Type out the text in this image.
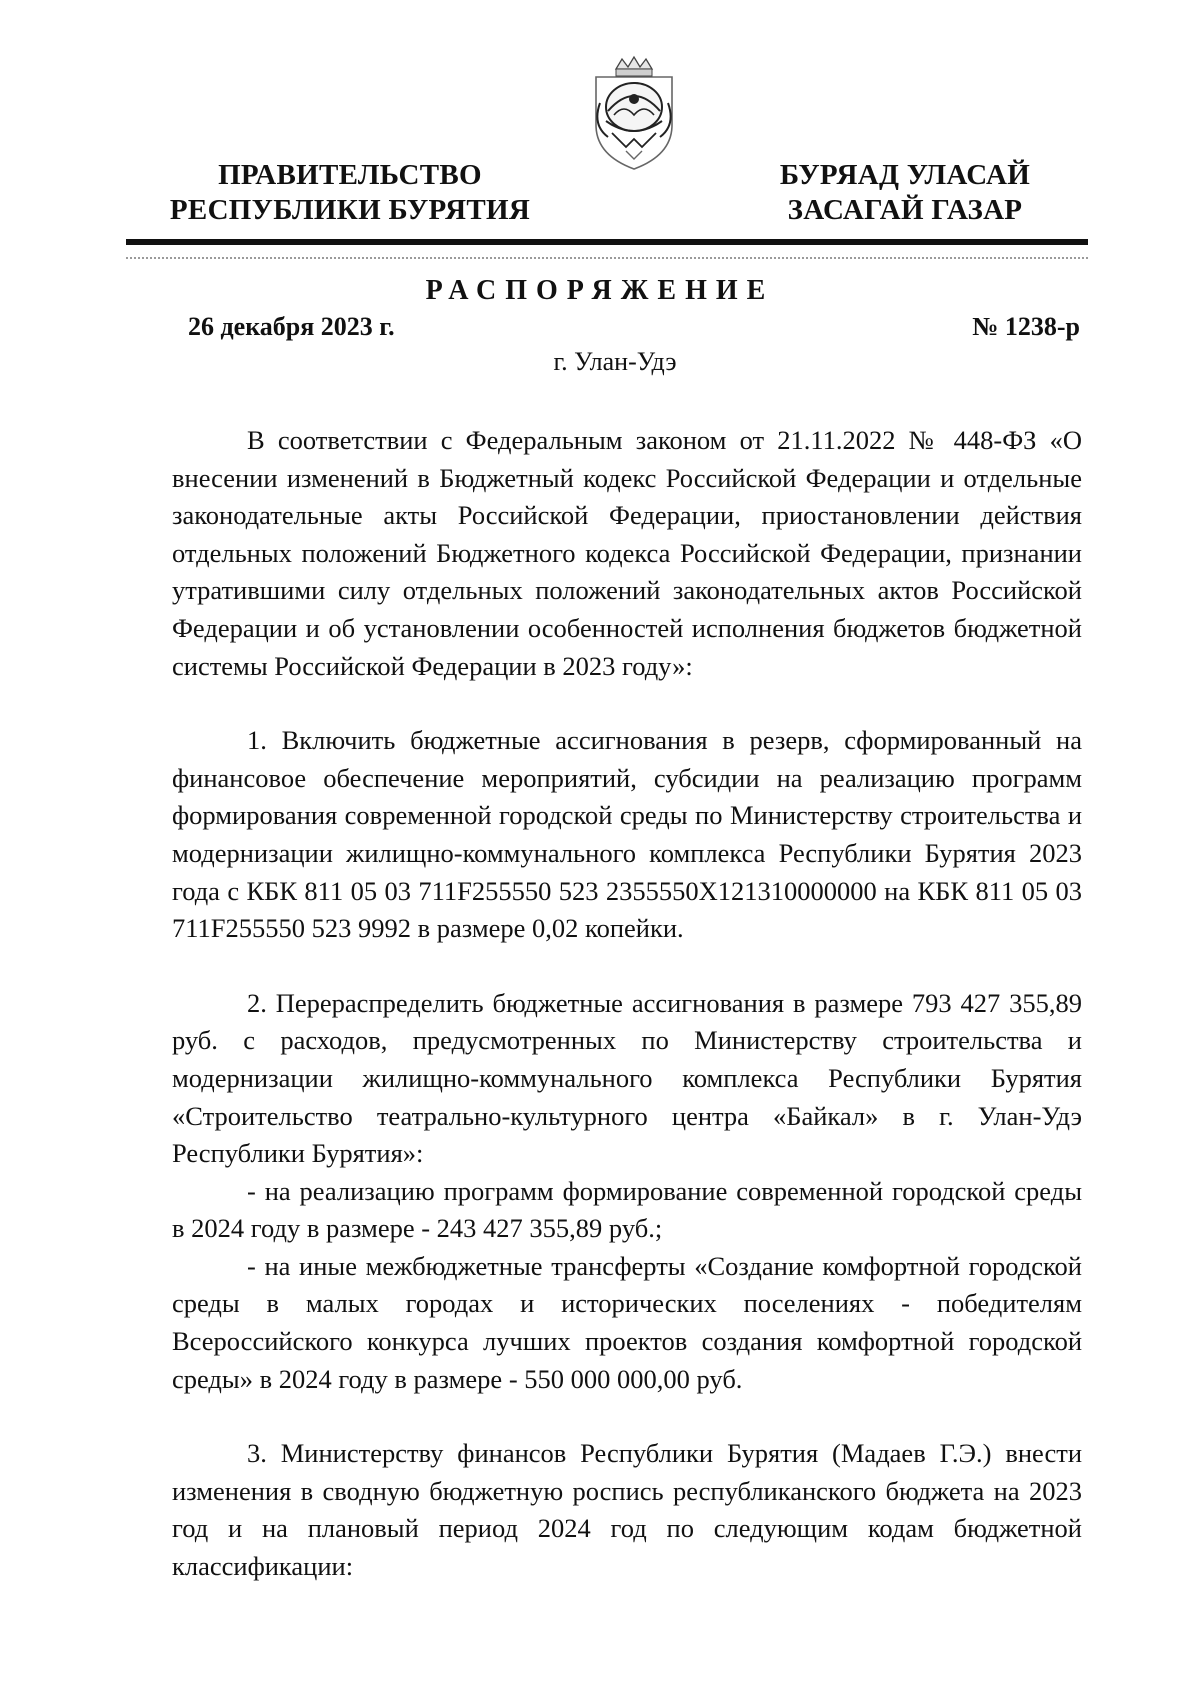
ПРАВИТЕЛЬСТВО
РЕСПУБЛИКИ БУРЯТИЯ
БУРЯАД УЛАСАЙ
ЗАСАГАЙ ГАЗАР
РАСПОРЯЖЕНИЕ
26 декабря 2023 г.	№ 1238-р
г. Улан-Удэ

В соответствии с Федеральным законом от 21.11.2022 № 448-ФЗ «О внесении изменений в Бюджетный кодекс Российской Федерации и отдельные законодательные акты Российской Федерации, приостановлении действия отдельных положений Бюджетного кодекса Российской Федерации, признании утратившими силу отдельных положений законодательных актов Российской Федерации и об установлении особенностей исполнения бюджетов бюджетной системы Российской Федерации в 2023 году»:

1. Включить бюджетные ассигнования в резерв, сформированный на финансовое обеспечение мероприятий, субсидии на реализацию программ формирования современной городской среды по Министерству строительства и модернизации жилищно-коммунального комплекса Республики Бурятия 2023 года с КБК 811 05 03 711F255550 523 2355550X121310000000 на КБК 811 05 03 711F255550 523 9992 в размере 0,02 копейки.

2. Перераспределить бюджетные ассигнования в размере 793 427 355,89 руб. с расходов, предусмотренных по Министерству строительства и модернизации жилищно-коммунального комплекса Республики Бурятия «Строительство театрально-культурного центра «Байкал» в г. Улан-Удэ Республики Бурятия»:

- на реализацию программ формирование современной городской среды в 2024 году в размере - 243 427 355,89 руб.;

- на иные межбюджетные трансферты «Создание комфортной городской среды в малых городах и исторических поселениях - победителям Всероссийского конкурса лучших проектов создания комфортной городской среды» в 2024 году в размере - 550 000 000,00 руб.

3. Министерству финансов Республики Бурятия (Мадаев Г.Э.) внести изменения в сводную бюджетную роспись республиканского бюджета на 2023 год и на плановый период 2024 год по следующим кодам бюджетной классификации:
